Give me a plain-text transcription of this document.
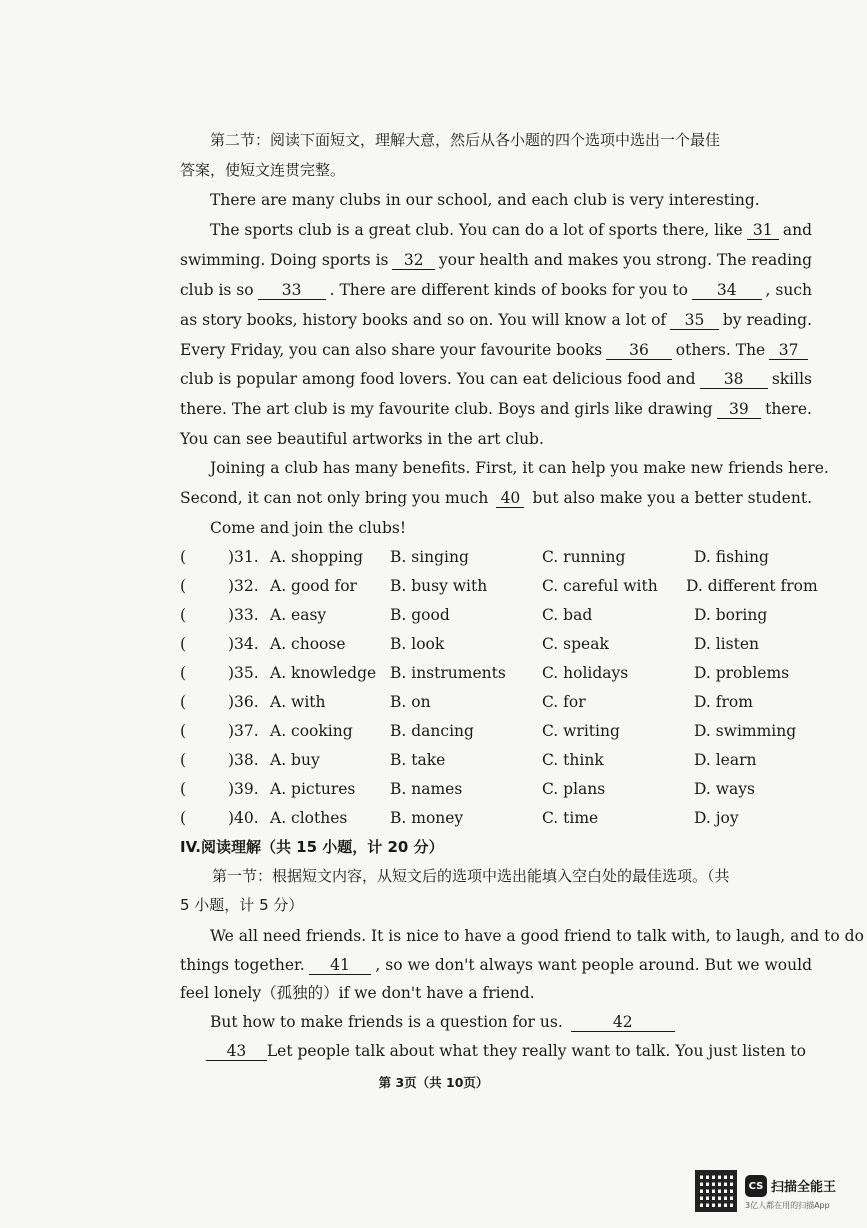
第二节：阅读下面短文，理解大意，然后从各小题的四个选项中选出一个最佳
答案，使短文连贯完整。
There are many clubs in our school, and each club is very interesting.
The sports club is a great club. You can do a lot of sports there, like 31 and
swimming. Doing sports is 32 your health and makes you strong. The reading
club is so	33	. There are different kinds of books for you to	34	, such
as story books, history books and so on. You will know a lot of	35	by reading.
Every Friday, you can also share your favourite books	36	others. The 37
club is popular among food lovers. You can eat delicious food and	38	skills
there. The art club is my favourite club. Boys and girls like drawing	39	there.
You can see beautiful artworks in the art club.
Joining a club has many benefits. First, it can help you make new friends here.
Second, it can not only bring you much 40 but also make you a better student.
Come and join the clubs!
(	)31. A. shopping B. singing	C. running	D. fishing
(	)32. A. good for B. busy with	C. careful with D. different from
(	)33. A. easy	B. good	C. bad	D. boring
(	)34. A. choose	B. look	C. speak	D. listen
(	)35. A. knowledge B. instruments C. holidays	D. problems
(	)36. A. with	B. on	C. for	D. from
(	)37. A. cooking B. dancing	C. writing	D. swimming
(	)38. A. buy	B. take	C. think	D. learn
(	)39. A. pictures B. names	C. plans	D. ways
(	)40. A. clothes	B. money	C. time	D. joy
IV.阅读理解（共 15 小题，计 20 分）
第一节：根据短文内容，从短文后的选项中选出能填入空白处的最佳选项。（共
5 小题，计 5 分）
We all need friends. It is nice to have a good friend to talk with, to laugh, and to do
things together.	41	, so we don't always want people around. But we would
feel lonely（孤独的）if we don't have a friend.
But how to make friends is a question for us.	42
43	Let people talk about what they really want to talk. You just listen to
第 3页（共 10页）
CS 扫描全能王
3亿人都在用的扫描App
